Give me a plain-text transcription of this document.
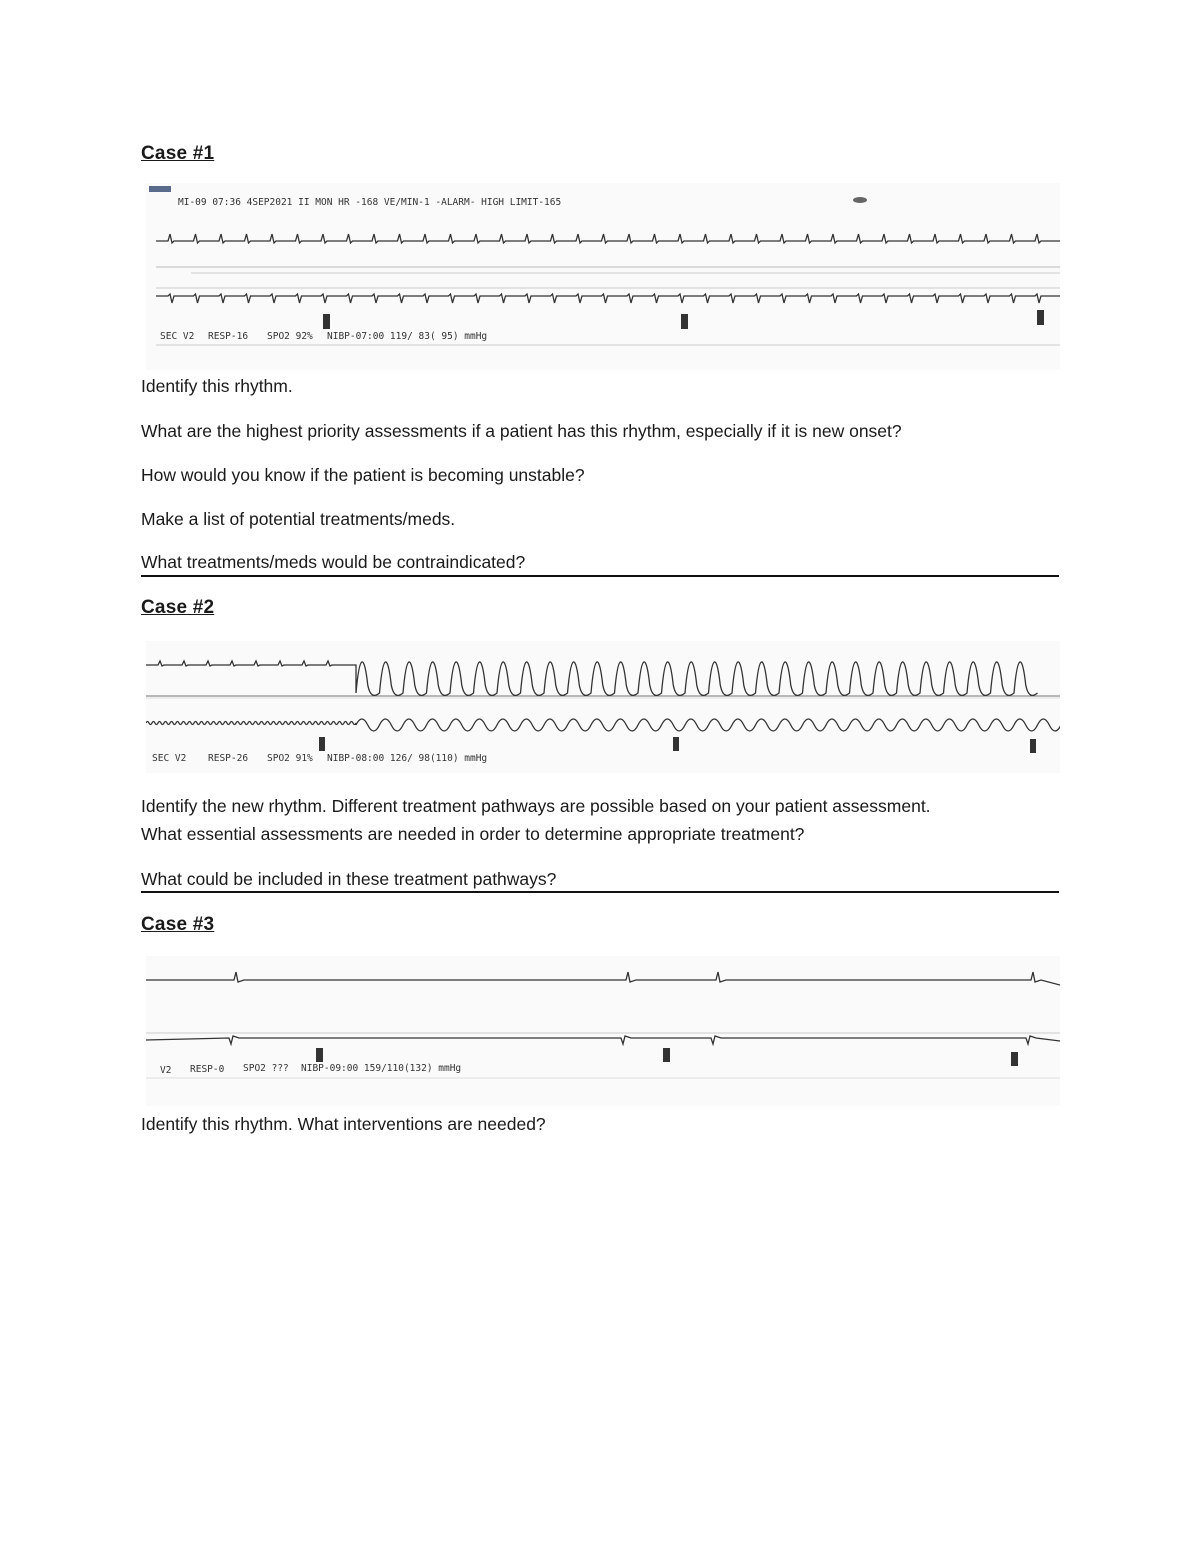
Case #1
MI-09 07:36 4SEP2021 II MON HR -168 VE/MIN-1 -ALARM- HIGH LIMIT-165
SEC V2 RESP-16 SPO2 92% NIBP-07:00 119/ 83( 95) mmHg

Identify this rhythm.

What are the highest priority assessments if a patient has this rhythm, especially if it is new onset?

How would you know if the patient is becoming unstable?

Make a list of potential treatments/meds.

What treatments/meds would be contraindicated?

Case #2
SEC V2 RESP-26 SPO2 91% NIBP-08:00 126/ 98(110) mmHg

Identify the new rhythm. Different treatment pathways are possible based on your patient assessment.

What essential assessments are needed in order to determine appropriate treatment?

What could be included in these treatment pathways?

Case #3
V2 RESP-0 SPO2 ??? NIBP-09:00 159/110(132) mmHg

Identify this rhythm. What interventions are needed?
